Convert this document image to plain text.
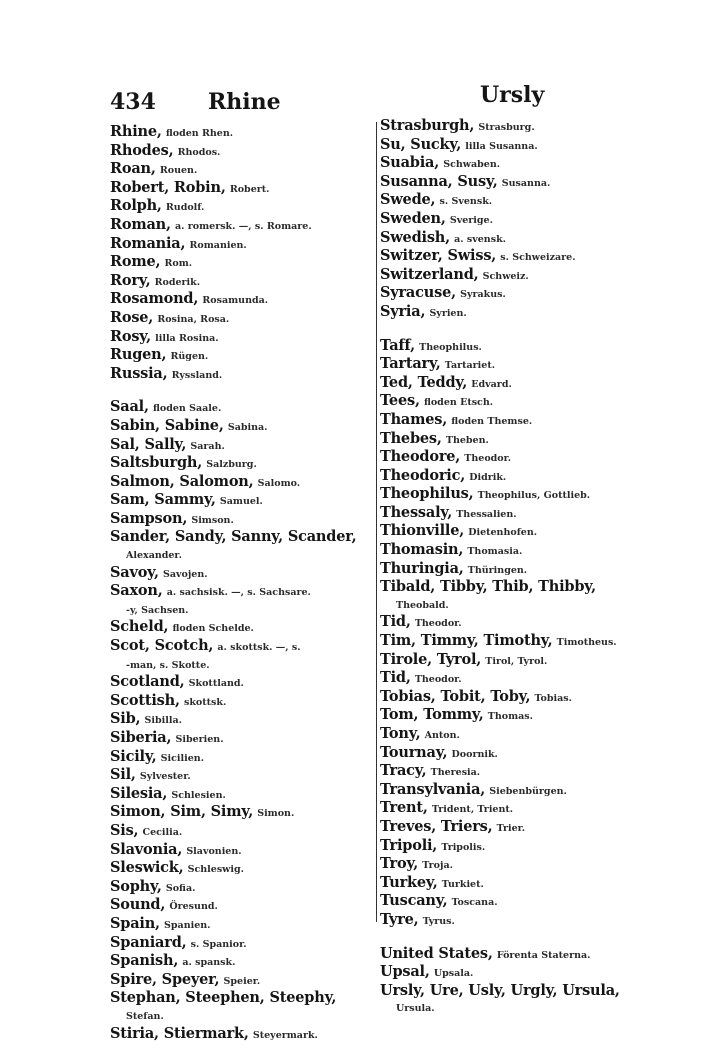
434 Rhine	Ursly
Rhine, floden Rhen.
Rhodes, Rhodos.
Roan, Rouen.
Robert, Robin, Robert.
Rolph, Rudolf.
Roman, a. romersk. —, s. Romare.
Romania, Romanien.
Rome, Rom.
Rory, Roderik.
Rosamond, Rosamunda.
Rose, Rosina, Rosa.
Rosy, lilla Rosina.
Rugen, Rügen.
Russia, Ryssland.
Saal, floden Saale.
Sabin, Sabine, Sabina.
Sal, Sally, Sarah.
Saltsburgh, Salzburg.
Salmon, Salomon, Salomo.
Sam, Sammy, Samuel.
Sampson, Simson.
Sander, Sandy, Sanny, Scander,
Alexander.
Savoy, Savojen.
Saxon, a. sachsisk. —, s. Sachsare.
-y, Sachsen.
Scheld, floden Schelde.
Scot, Scotch, a. skottsk. —, s.
-man, s. Skotte.
Scotland, Skottland.
Scottish, skottsk.
Sib, Sibilla.
Siberia, Siberien.
Sicily, Sicilien.
Sil, Sylvester.
Silesia, Schlesien.
Simon, Sim, Simy, Simon.
Sis, Cecilia.
Slavonia, Slavonien.
Sleswick, Schleswig.
Sophy, Sofia.
Sound, Öresund.
Spain, Spanien.
Spaniard, s. Spanior.
Spanish, a. spansk.
Spire, Speyer, Speier.
Stephan, Steephen, Steephy,
Stefan.
Stiria, Stiermark, Steyermark.
Strasburgh, Strasburg.
Su, Sucky, lilla Susanna.
Suabia, Schwaben.
Susanna, Susy, Susanna.
Swede, s. Svensk.
Sweden, Sverige.
Swedish, a. svensk.
Switzer, Swiss, s. Schweizare.
Switzerland, Schweiz.
Syracuse, Syrakus.
Syria, Syrien.
Taff, Theophilus.
Tartary, Tartariet.
Ted, Teddy, Edvard.
Tees, floden Etsch.
Thames, floden Themse.
Thebes, Theben.
Theodore, Theodor.
Theodoric, Didrik.
Theophilus, Theophilus, Gottlieb.
Thessaly, Thessalien.
Thionville, Dietenhofen.
Thomasin, Thomasia.
Thuringia, Thüringen.
Tibald, Tibby, Thib, Thibby,
Theobald.
Tid, Theodor.
Tim, Timmy, Timothy, Timotheus.
Tirole, Tyrol, Tirol, Tyrol.
Tid, Theodor.
Tobias, Tobit, Toby, Tobias.
Tom, Tommy, Thomas.
Tony, Anton.
Tournay, Doornik.
Tracy, Theresia.
Transylvania, Siebenbürgen.
Trent, Trident, Trient.
Treves, Triers, Trier.
Tripoli, Tripolis.
Troy, Troja.
Turkey, Turkiet.
Tuscany, Toscana.
Tyre, Tyrus.
United States, Förenta Staterna.
Upsal, Upsala.
Ursly, Ure, Usly, Urgly, Ursula,
Ursula.
